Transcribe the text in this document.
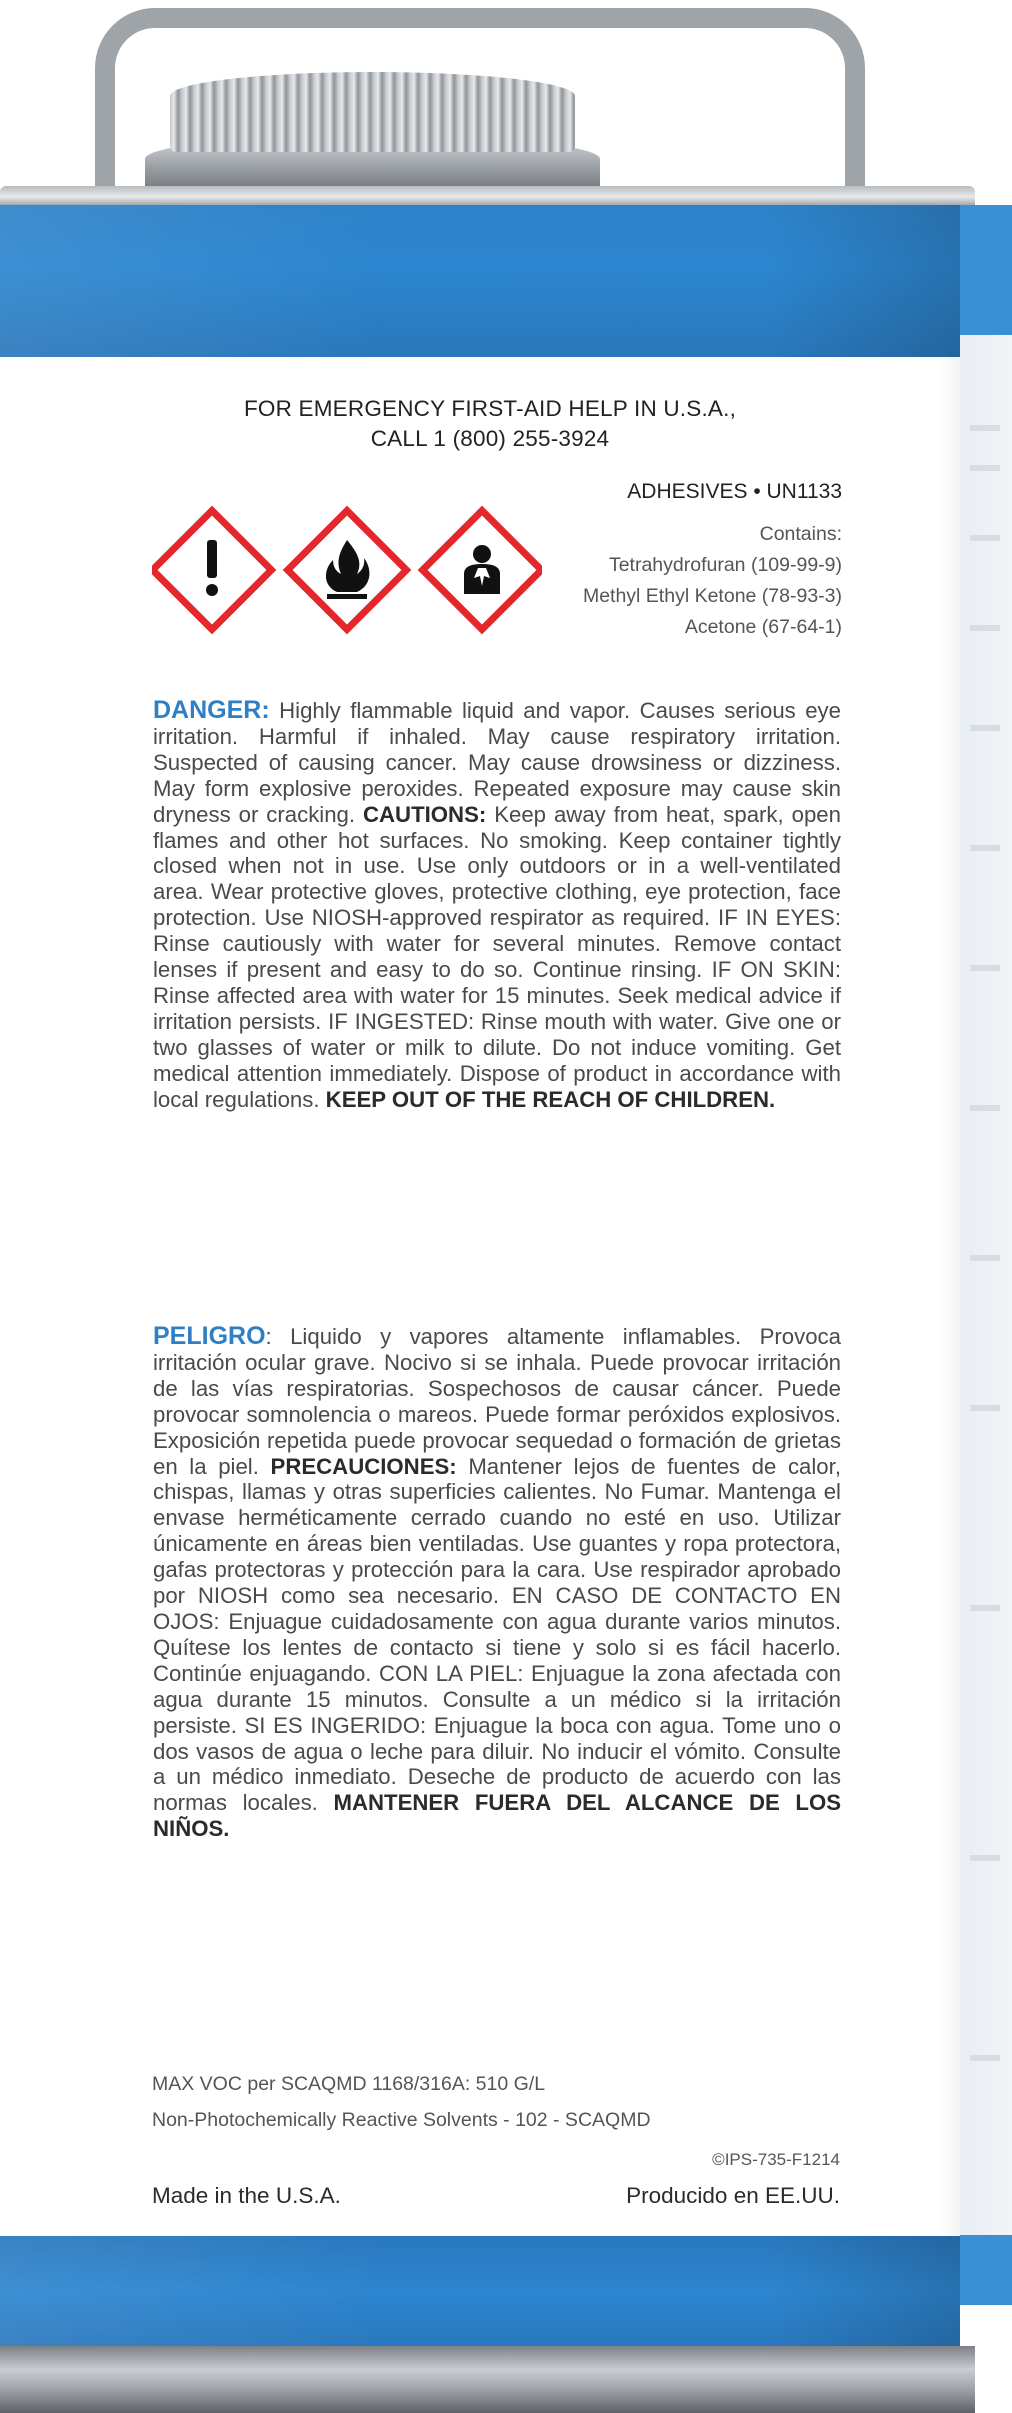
FOR EMERGENCY FIRST-AID HELP IN U.S.A.,
CALL 1 (800) 255-3924
ADHESIVES • UN1133
Contains:
Tetrahydrofuran (109-99-9)
Methyl Ethyl Ketone (78-93-3)
Acetone (67-64-1)
DANGER: Highly flammable liquid and vapor. Causes serious eye irritation. Harmful if inhaled. May cause respiratory irritation. Suspected of causing cancer. May cause drowsiness or dizziness. May form explosive peroxides. Repeated exposure may cause skin dryness or cracking. CAUTIONS: Keep away from heat, spark, open flames and other hot surfaces. No smoking. Keep container tightly closed when not in use. Use only outdoors or in a well-ventilated area. Wear protective gloves, protective clothing, eye protection, face protection. Use NIOSH-approved respirator as required. IF IN EYES: Rinse cautiously with water for several minutes. Remove contact lenses if present and easy to do so. Continue rinsing. IF ON SKIN: Rinse affected area with water for 15 minutes. Seek medical advice if irritation persists. IF INGESTED: Rinse mouth with water. Give one or two glasses of water or milk to dilute. Do not induce vomiting. Get medical attention immediately. Dispose of product in accordance with local regulations. KEEP OUT OF THE REACH OF CHILDREN.
PELIGRO: Liquido y vapores altamente inflamables. Provoca irritación ocular grave. Nocivo si se inhala. Puede provocar irritación de las vías respiratorias. Sospechosos de causar cáncer. Puede provocar somnolencia o mareos. Puede formar peróxidos explosivos. Exposición repetida puede provocar sequedad o formación de grietas en la piel. PRECAUCIONES: Mantener lejos de fuentes de calor, chispas, llamas y otras superficies calientes. No Fumar. Mantenga el envase herméticamente cerrado cuando no esté en uso. Utilizar únicamente en áreas bien ventiladas. Use guantes y ropa protectora, gafas protectoras y protección para la cara. Use respirador aprobado por NIOSH como sea necesario. EN CASO DE CONTACTO EN OJOS: Enjuague cuidadosamente con agua durante varios minutos. Quítese los lentes de contacto si tiene y solo si es fácil hacerlo. Continúe enjuagando. CON LA PIEL: Enjuague la zona afectada con agua durante 15 minutos. Consulte a un médico si la irritación persiste. SI ES INGERIDO: Enjuague la boca con agua. Tome uno o dos vasos de agua o leche para diluir. No inducir el vómito. Consulte a un médico inmediato. Deseche de producto de acuerdo con las normas locales. MANTENER FUERA DEL ALCANCE DE LOS NIÑOS.
MAX VOC per SCAQMD 1168/316A: 510 G/L
Non-Photochemically Reactive Solvents - 102 - SCAQMD
©IPS-735-F1214
Made in the U.S.A.	Producido en EE.UU.
